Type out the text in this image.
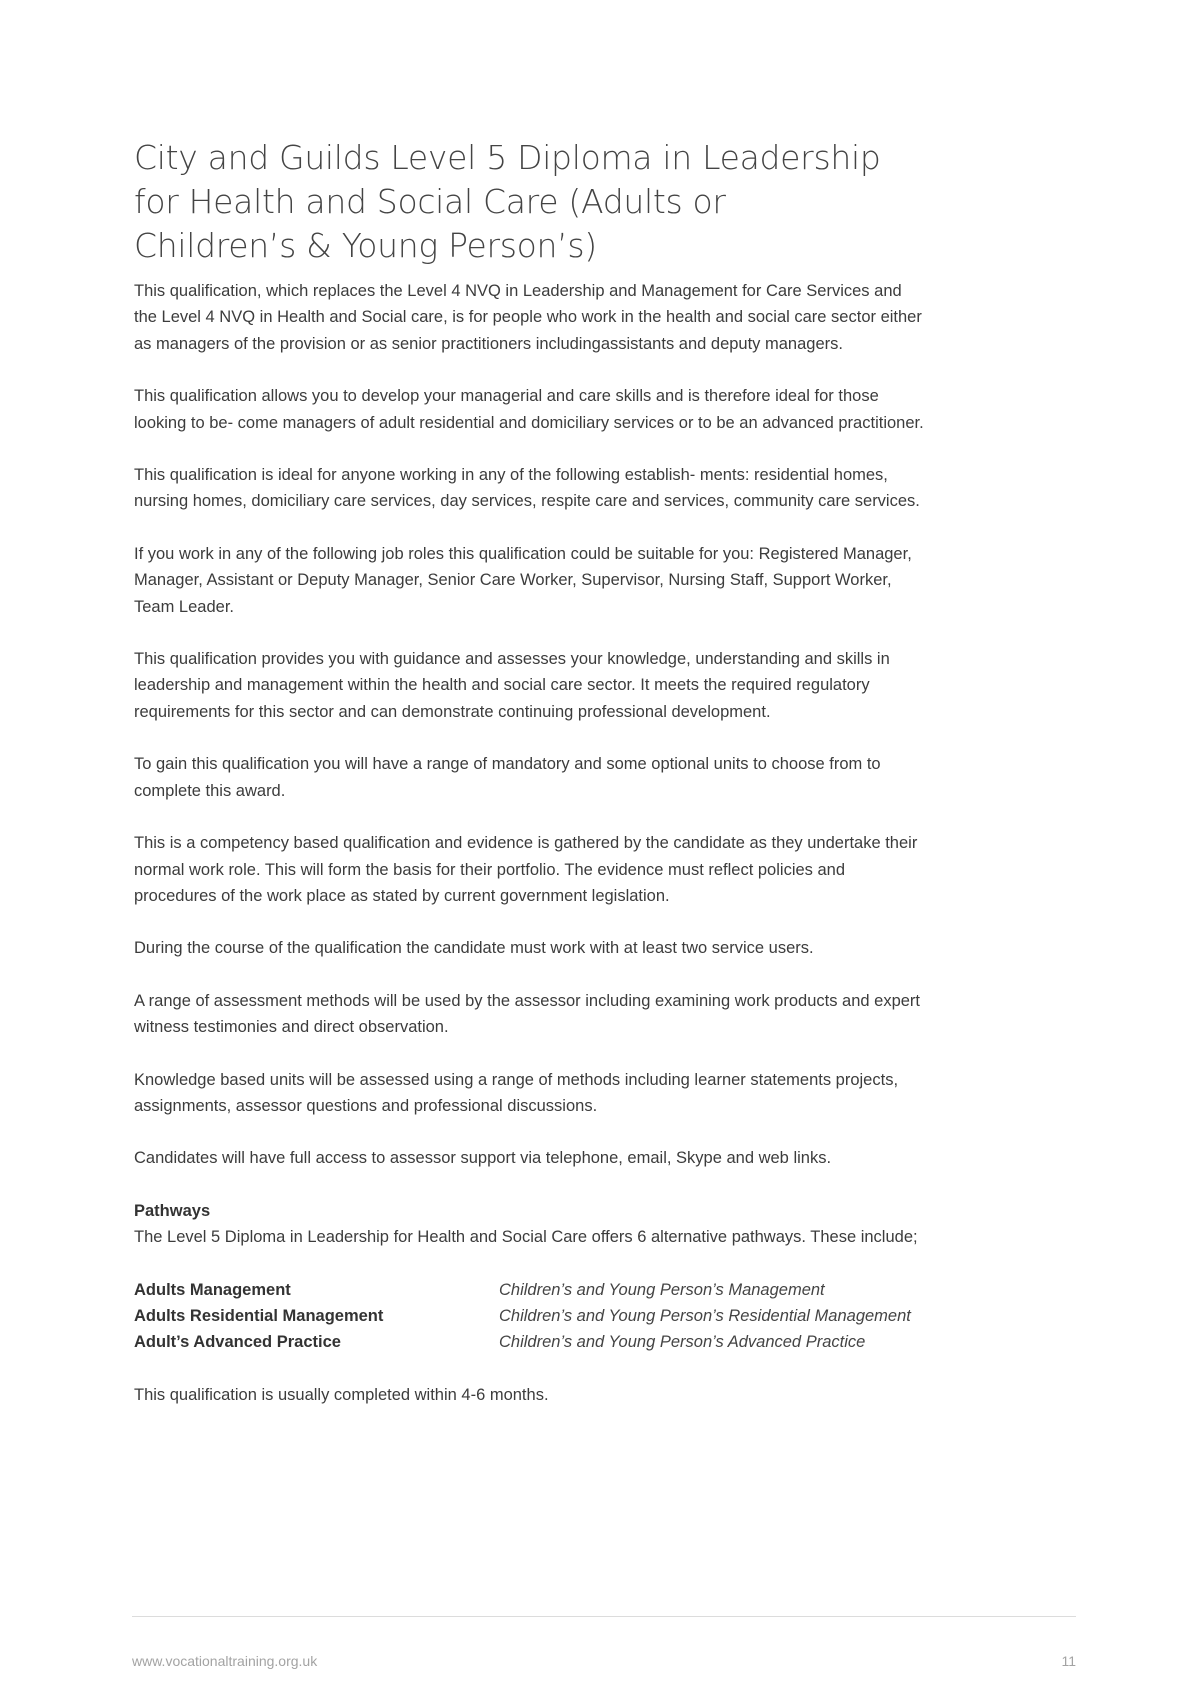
City and Guilds Level 5 Diploma in Leadership for Health and Social Care (Adults or Children’s & Young Person’s)

This qualification, which replaces the Level 4 NVQ in Leadership and Management for Care Services and the Level 4 NVQ in Health and Social care, is for people who work in the health and social care sector either as managers of the provision or as senior practitioners includingassistants and deputy managers.

This qualification allows you to develop your managerial and care skills and is therefore ideal for those looking to be- come managers of adult residential and domiciliary services or to be an advanced practitioner.

This qualification is ideal for anyone working in any of the following establish- ments: residential homes, nursing homes, domiciliary care services, day services, respite care and services, community care services.

If you work in any of the following job roles this qualification could be suitable for you: Registered Manager, Manager, Assistant or Deputy Manager, Senior Care Worker, Supervisor, Nursing Staff, Support Worker, Team Leader.

This qualification provides you with guidance and assesses your knowledge, understanding and skills in leadership and management within the health and social care sector. It meets the required regulatory requirements for this sector and can demonstrate continuing professional development.

To gain this qualification you will have a range of mandatory and some optional units to choose from to complete this award.

This is a competency based qualification and evidence is gathered by the candidate as they undertake their normal work role. This will form the basis for their portfolio. The evidence must reflect policies and procedures of the work place as stated by current government legislation.

During the course of the qualification the candidate must work with at least two service users.

A range of assessment methods will be used by the assessor including examining work products and expert witness testimonies and direct observation.

Knowledge based units will be assessed using a range of methods including learner statements projects, assignments, assessor questions and professional discussions.

Candidates will have full access to assessor support via telephone, email, Skype and web links.

Pathways

The Level 5 Diploma in Leadership for Health and Social Care offers 6 alternative pathways. These include;

Adults Management	Children’s and Young Person’s Management
Adults Residential Management	Children’s and Young Person’s Residential Management
Adult’s Advanced Practice	Children’s and Young Person’s Advanced Practice

This qualification is usually completed within 4-6 months.

www.vocationaltraining.org.uk	11
